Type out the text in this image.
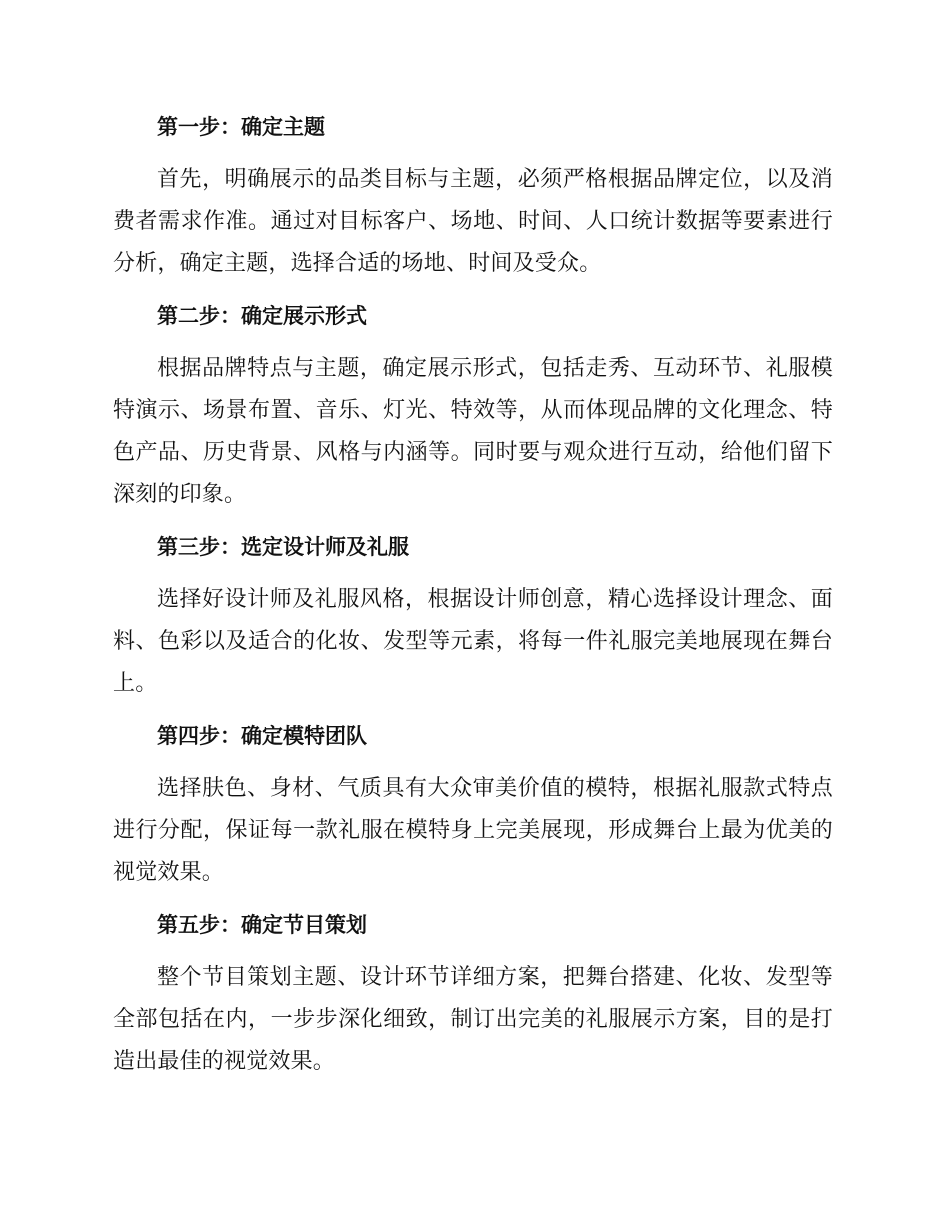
第一步：确定主题

首先，明确展示的品类目标与主题，必须严格根据品牌定位，以及消费者需求作准。通过对目标客户、场地、时间、人口统计数据等要素进行分析，确定主题，选择合适的场地、时间及受众。

第二步：确定展示形式

根据品牌特点与主题，确定展示形式，包括走秀、互动环节、礼服模特演示、场景布置、音乐、灯光、特效等，从而体现品牌的文化理念、特色产品、历史背景、风格与内涵等。同时要与观众进行互动，给他们留下深刻的印象。

第三步：选定设计师及礼服

选择好设计师及礼服风格，根据设计师创意，精心选择设计理念、面料、色彩以及适合的化妆、发型等元素，将每一件礼服完美地展现在舞台上。

第四步：确定模特团队

选择肤色、身材、气质具有大众审美价值的模特，根据礼服款式特点进行分配，保证每一款礼服在模特身上完美展现，形成舞台上最为优美的视觉效果。

第五步：确定节目策划

整个节目策划主题、设计环节详细方案，把舞台搭建、化妆、发型等全部包括在内，一步步深化细致，制订出完美的礼服展示方案，目的是打造出最佳的视觉效果。
